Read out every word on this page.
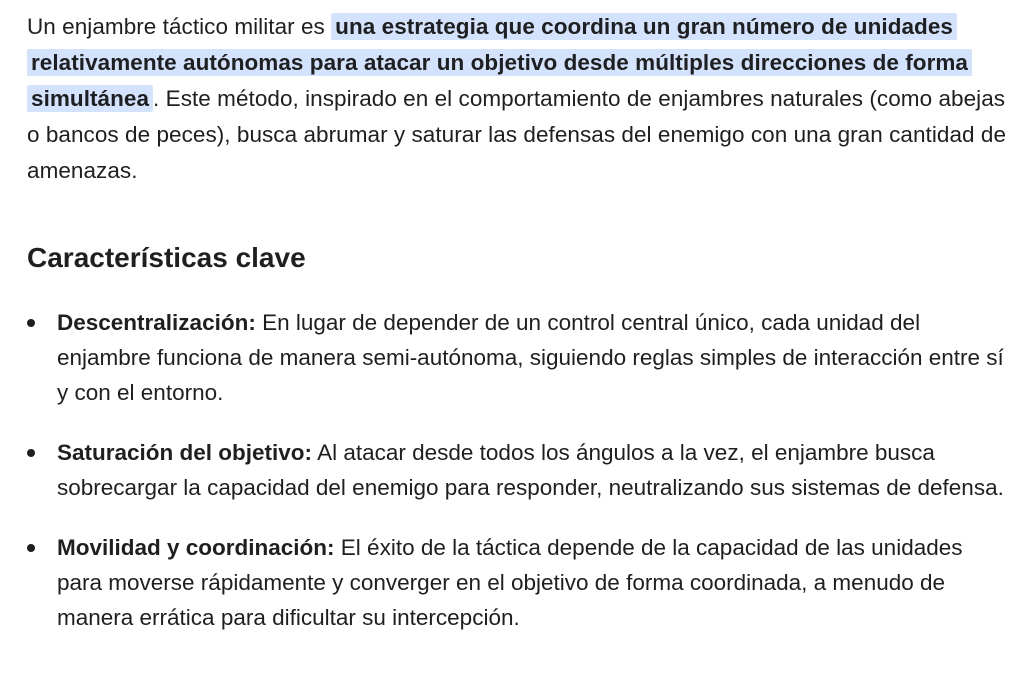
Un enjambre táctico militar es una estrategia que coordina un gran número de unidades relativamente autónomas para atacar un objetivo desde múltiples direcciones de forma simultánea . Este método, inspirado en el comportamiento de enjambres naturales (como abejas o bancos de peces), busca abrumar y saturar las defensas del enemigo con una gran cantidad de amenazas.

Características clave
Descentralización: En lugar de depender de un control central único, cada unidad del enjambre funciona de manera semi-autónoma, siguiendo reglas simples de interacción entre sí y con el entorno.
Saturación del objetivo: Al atacar desde todos los ángulos a la vez, el enjambre busca sobrecargar la capacidad del enemigo para responder, neutralizando sus sistemas de defensa.
Movilidad y coordinación: El éxito de la táctica depende de la capacidad de las unidades para moverse rápidamente y converger en el objetivo de forma coordinada, a menudo de manera errática para dificultar su intercepción.
